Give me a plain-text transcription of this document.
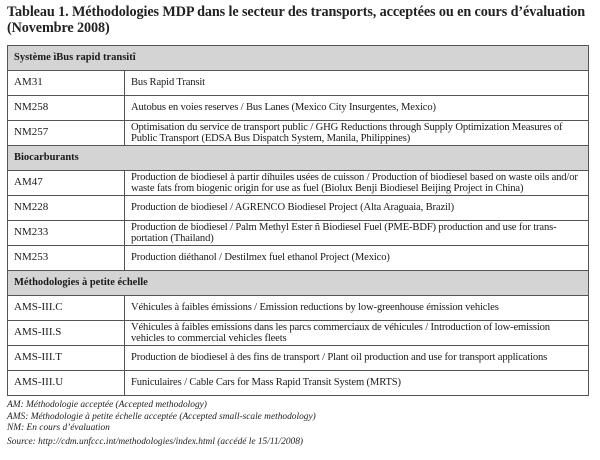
Tableau 1. Méthodologies MDP dans le secteur des transports, acceptées ou en cours d’évaluation (Novembre 2008)
Système ìBus rapid transitî	
AM31	Bus Rapid Transit
NM258	Autobus en voies reserves / Bus Lanes (Mexico City Insurgentes, Mexico)
NM257	Optimisation du service de transport public / GHG Reductions through Supply Optimization Measures of Public Transport (EDSA Bus Dispatch System, Manila, Philippines)
Biocarburants	
AM47	Production de biodiesel à partir díhuiles usées de cuisson / Production of biodiesel based on waste oils and/or waste fats from biogenic origin for use as fuel (Biolux Benji Biodiesel Beijing Project in China)
NM228	Production de biodiesel / AGRENCO Biodiesel Project (Alta Araguaia, Brazil)
NM233	Production de biodiesel / Palm Methyl Ester ñ Biodiesel Fuel (PME-BDF) production and use for trans-portation (Thailand)
NM253	Production diéthanol / Destilmex fuel ethanol Project (Mexico)
Méthodologies à petite échelle	
AMS-III.C	Véhicules à faibles émissions / Emission reductions by low-greenhouse émission vehicles
AMS-III.S	Véhicules à faibles emissions dans les parcs commerciaux de véhicules / Introduction of low-emission vehicles to commercial vehicles fleets
AMS-III.T	Production de biodiesel à des fins de transport / Plant oil production and use for transport applications
AMS-III.U	Funiculaires / Cable Cars for Mass Rapid Transit System (MRTS)
AM: Méthodologie acceptée (Accepted methodology)
AMS: Méthodologie à petite échelle acceptée (Accepted small-scale methodology)
NM: En cours d’évaluation
Source: http://cdm.unfccc.int/methodologies/index.html (accédé le 15/11/2008)
